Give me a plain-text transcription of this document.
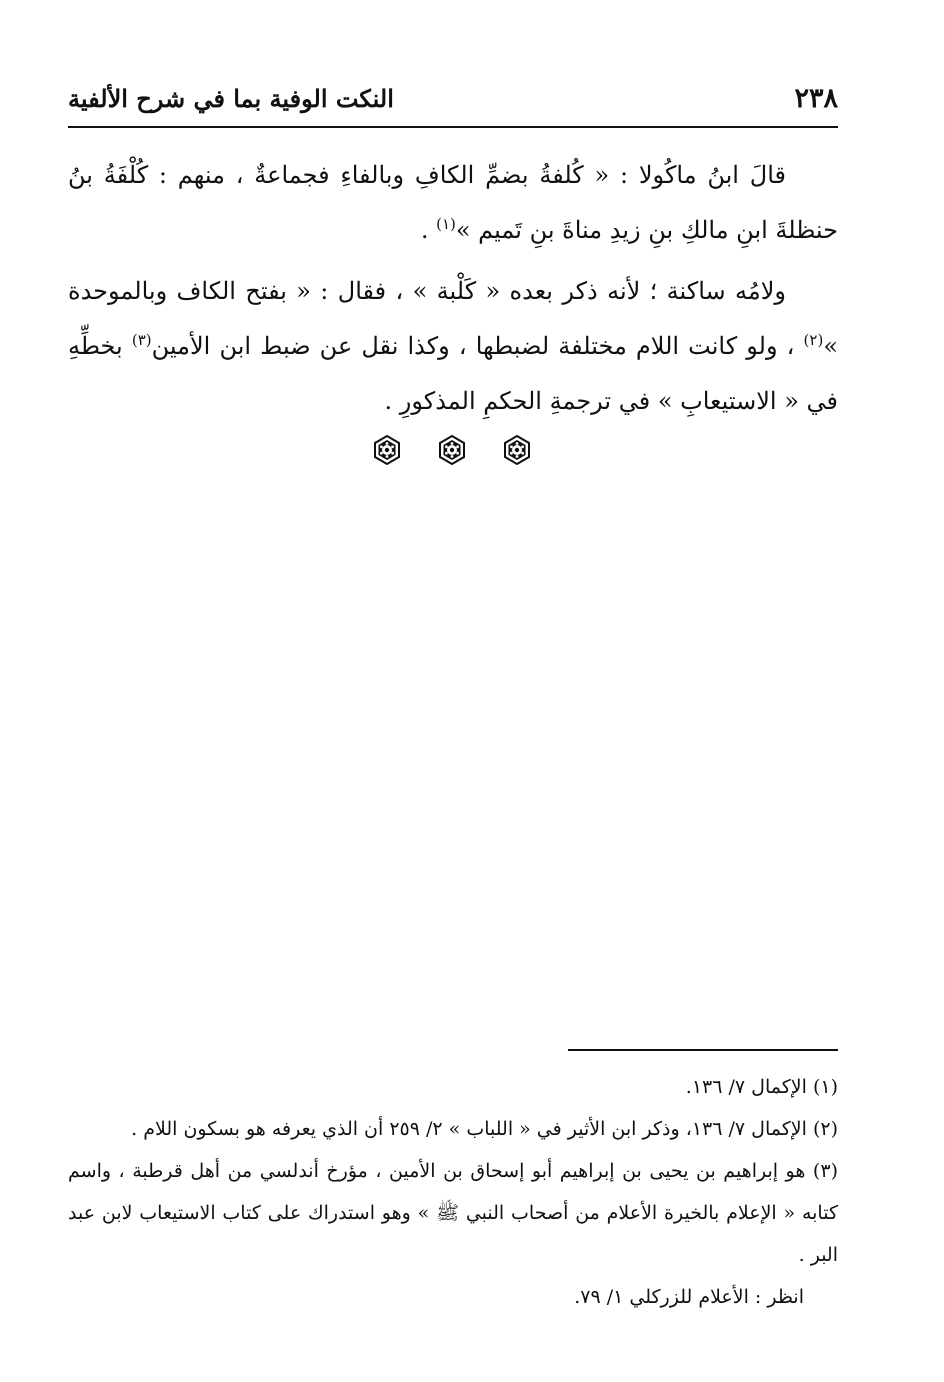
٢٣٨
النكت الوفية بما في شرح الألفية

قالَ ابنُ ماكُولا : « كُلفةُ بضمِّ الكافِ وبالفاءِ فجماعةٌ ، منهم : كُلْفَةُ بنُ حنظلةَ ابنِ مالكِ بنِ زيدِ مناةَ بنِ تَميم »$^{(١)}$ .

ولامُه ساكنة ؛ لأنه ذكر بعده « كَلْبة » ، فقال : « بفتح الكاف وبالموحدة »$^{(٢)}$ ، ولو كانت اللام مختلفة لضبطها ، وكذا نقل عن ضبط ابن الأمين$^{(٣)}$ بخطِّهِ في « الاستيعابِ » في ترجمةِ الحكمِ المذكورِ .

(١) الإكمال ٧/ ١٣٦.

(٢) الإكمال ٧/ ١٣٦، وذكر ابن الأثير في « اللباب » ٢/ ٢٥٩ أن الذي يعرفه هو بسكون اللام .

(٣) هو إبراهيم بن يحيى بن إبراهيم أبو إسحاق بن الأمين ، مؤرخ أندلسي من أهل قرطبة ، واسم كتابه « الإعلام بالخيرة الأعلام من أصحاب النبي ﷺ » وهو استدراك على كتاب الاستيعاب لابن عبد البر .

انظر : الأعلام للزركلي ١/ ٧٩.
